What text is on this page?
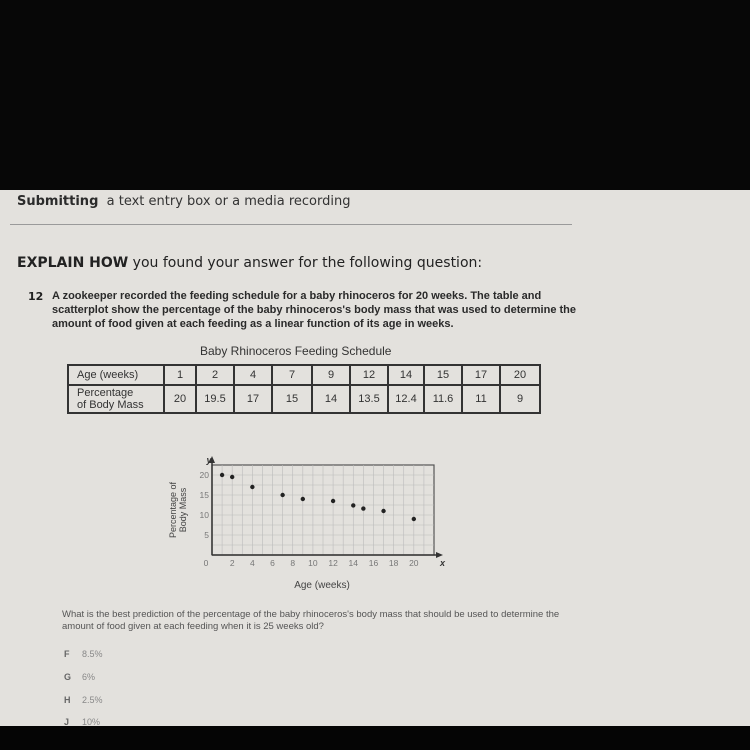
Submitting a text entry box or a media recording
EXPLAIN HOW you found your answer for the following question:
12 A zookeeper recorded the feeding schedule for a baby rhinoceros for 20 weeks. The table and scatterplot show the percentage of the baby rhinoceros's body mass that was used to determine the amount of food given at each feeding as a linear function of its age in weeks.
Baby Rhinoceros Feeding Schedule
Age (weeks)	1	2	4	7	9	12	14	15	17	20
Percentage
of Body Mass	20	19.5	17	15	14	13.5	12.4	11.6	11	9
0	2 4 6 8 10 12 14 16 18 20
5
10
15
20
Age (weeks)
Percentage of Body Mass
y
x
What is the best prediction of the percentage of the baby rhinoceros's body mass that should be used to determine the amount of food given at each feeding when it is 25 weeks old?
F 8.5%
G 6%
H 2.5%
J 10%
